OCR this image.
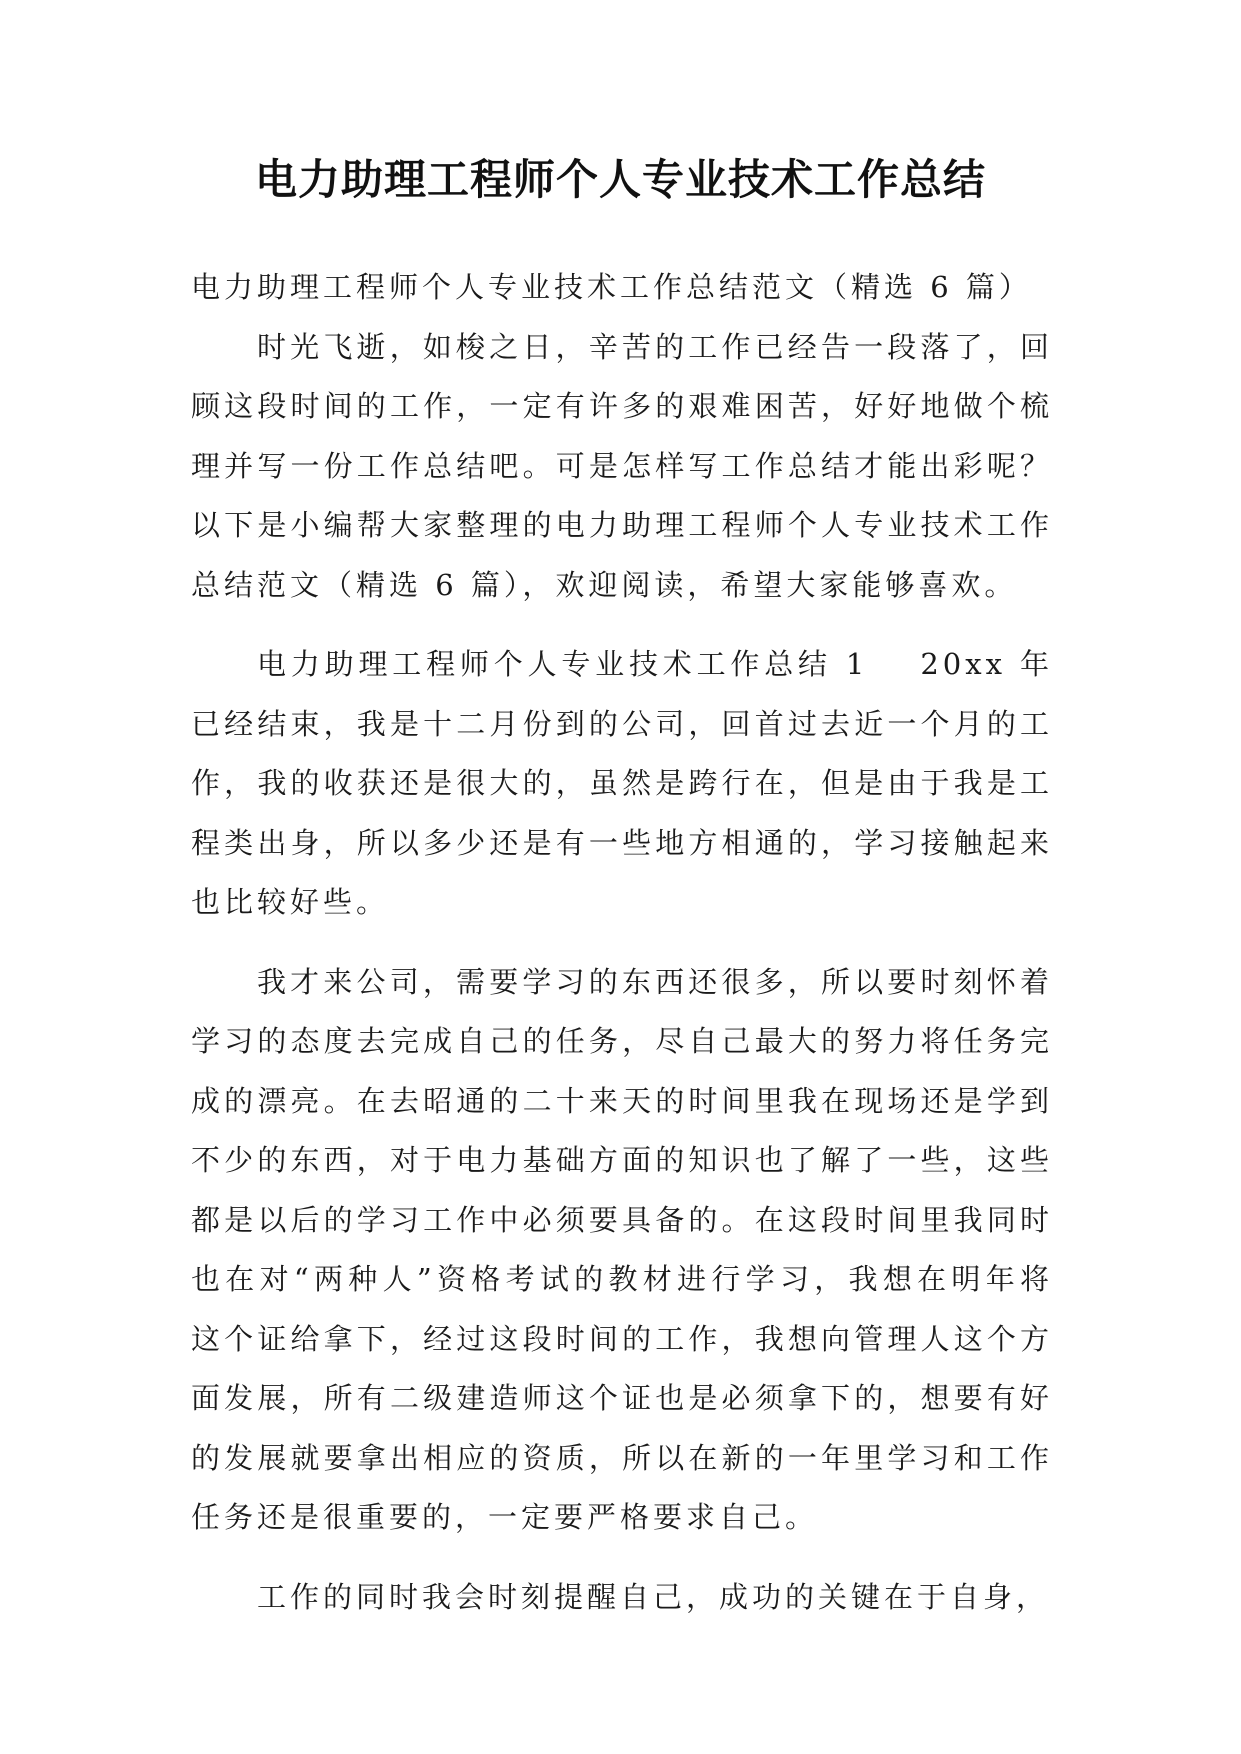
电力助理工程师个人专业技术工作总结

电力助理工程师个人专业技术工作总结范文（精选 6 篇）

时光飞逝，如梭之日，辛苦的工作已经告一段落了，回顾这段时间的工作，一定有许多的艰难困苦，好好地做个梳理并写一份工作总结吧。可是怎样写工作总结才能出彩呢？以下是小编帮大家整理的电力助理工程师个人专业技术工作总结范文（精选 6 篇），欢迎阅读，希望大家能够喜欢。

电力助理工程师个人专业技术工作总结 1 20xx 年已经结束，我是十二月份到的公司，回首过去近一个月的工作，我的收获还是很大的，虽然是跨行在，但是由于我是工程类出身，所以多少还是有一些地方相通的，学习接触起来也比较好些。

我才来公司，需要学习的东西还很多，所以要时刻怀着学习的态度去完成自己的任务，尽自己最大的努力将任务完成的漂亮。在去昭通的二十来天的时间里我在现场还是学到不少的东西，对于电力基础方面的知识也了解了一些，这些都是以后的学习工作中必须要具备的。在这段时间里我同时也在对“两种人”资格考试的教材进行学习，我想在明年将这个证给拿下，经过这段时间的工作，我想向管理人这个方面发展，所有二级建造师这个证也是必须拿下的，想要有好的发展就要拿出相应的资质，所以在新的一年里学习和工作任务还是很重要的，一定要严格要求自己。

工作的同时我会时刻提醒自己，成功的关键在于自身，
